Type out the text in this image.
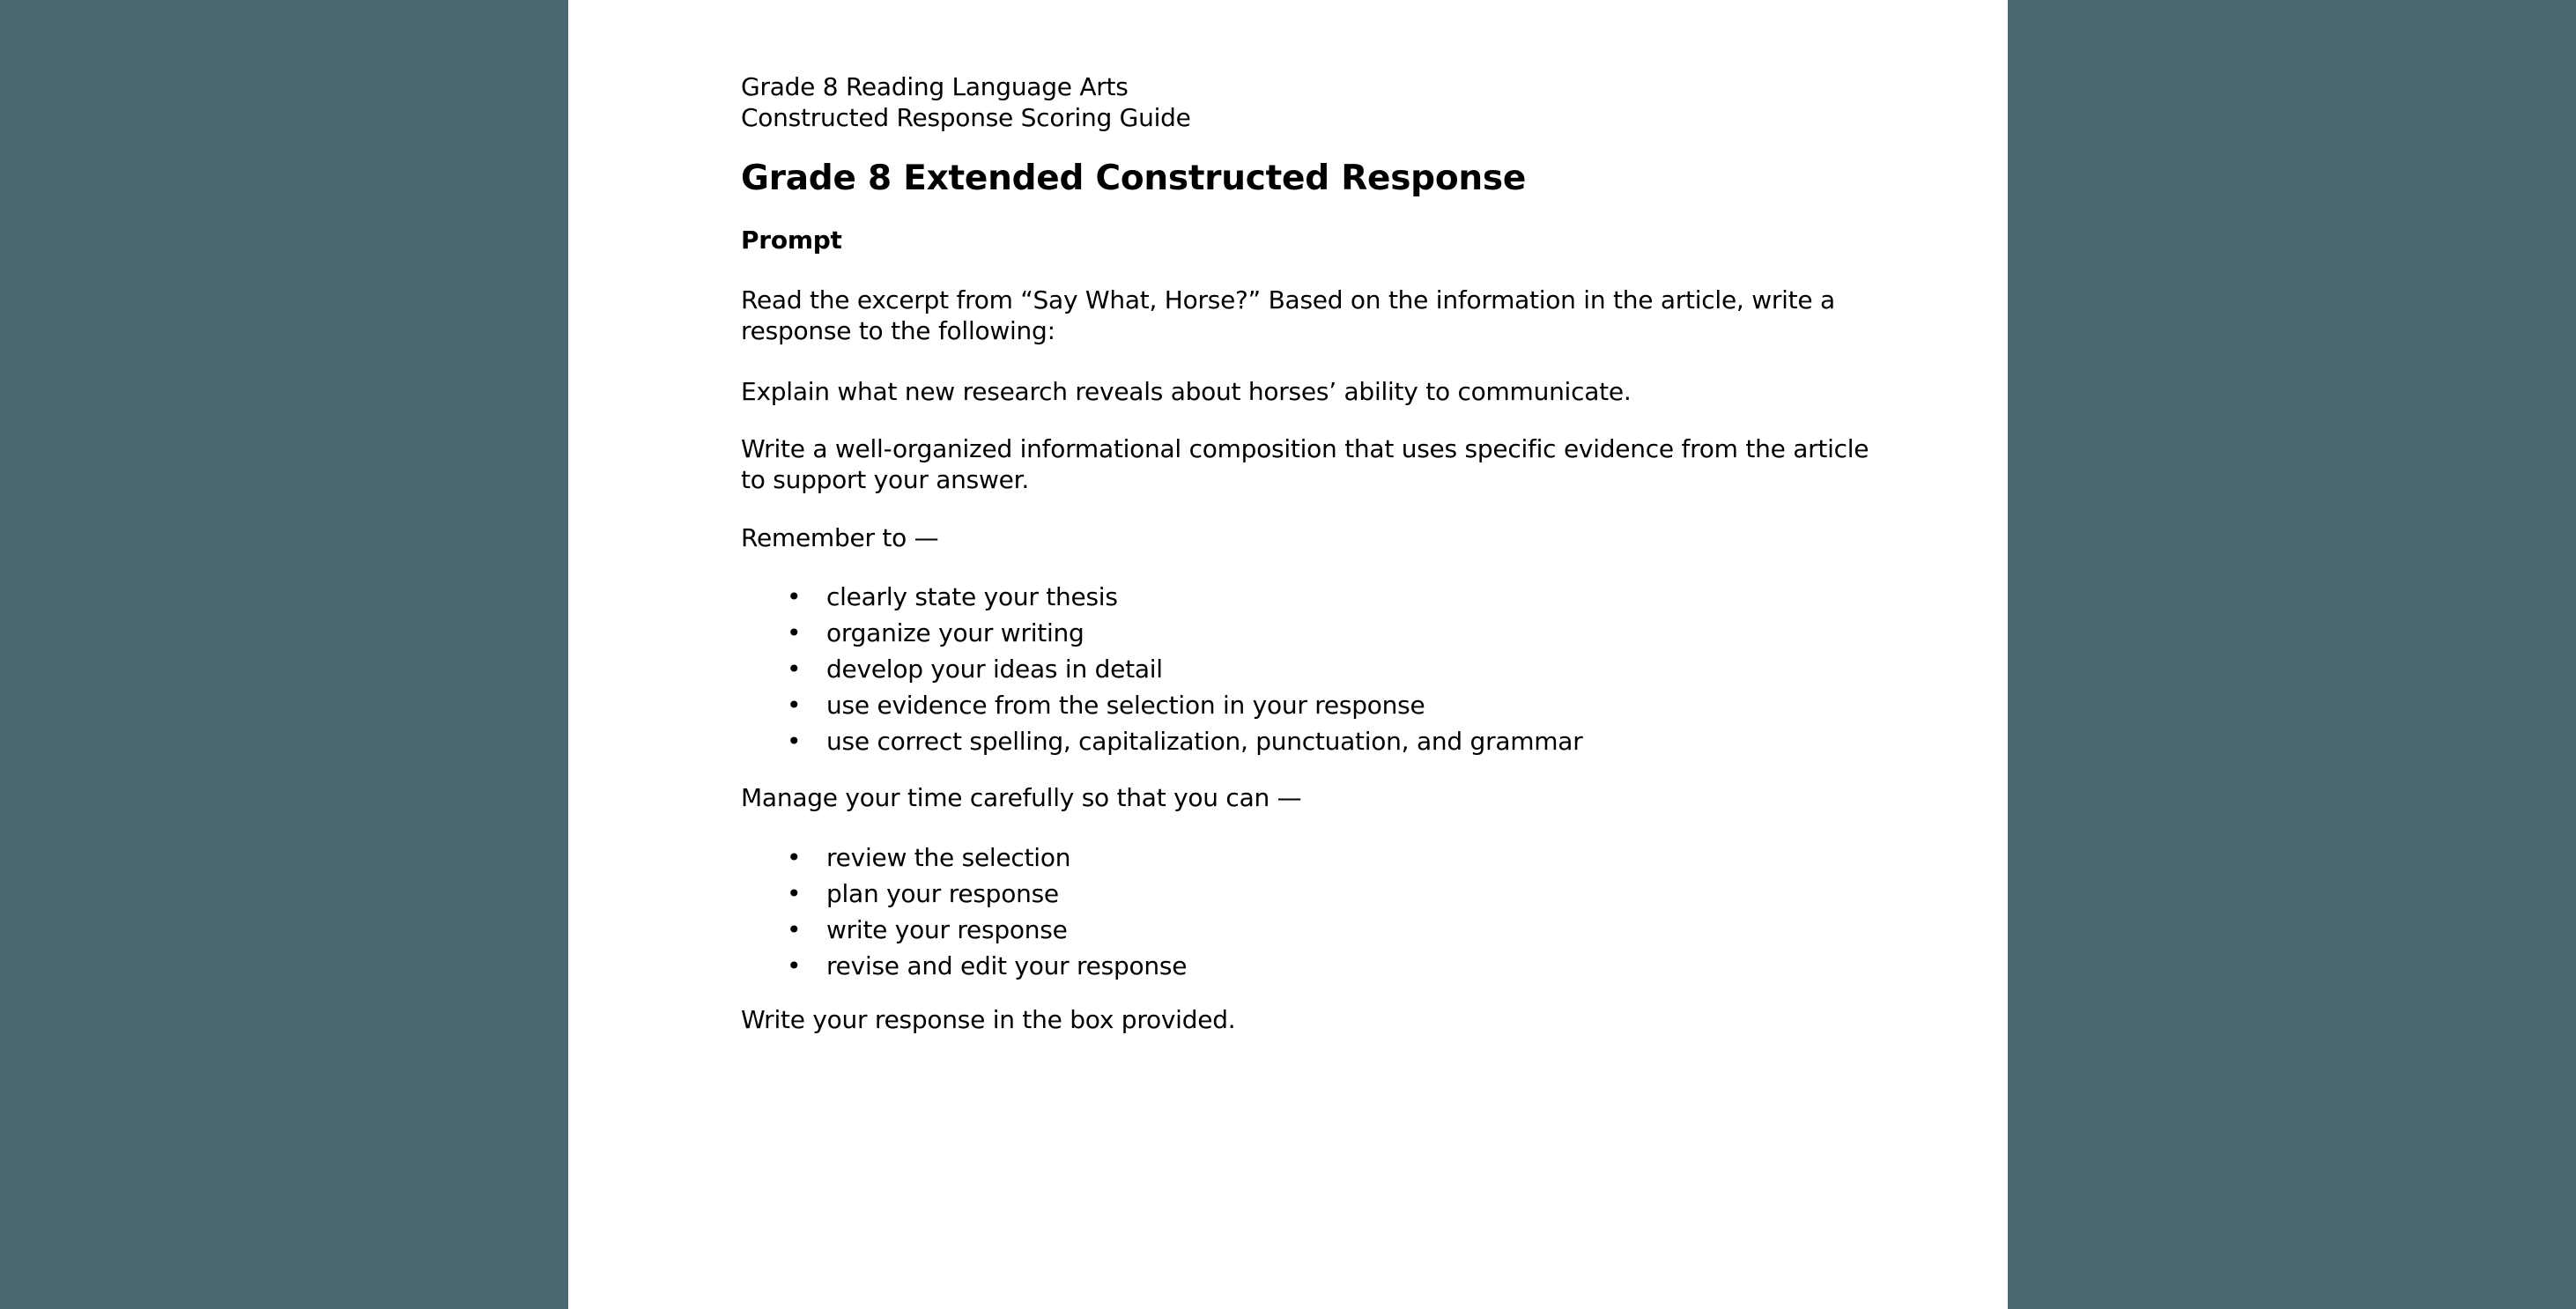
Grade 8 Reading Language Arts
Constructed Response Scoring Guide
Grade 8 Extended Constructed Response
Prompt
Read the excerpt from “Say What, Horse?” Based on the information in the article, write a
response to the following:
Explain what new research reveals about horses’ ability to communicate.
Write a well-organized informational composition that uses specific evidence from the article
to support your answer.
Remember to —
• clearly state your thesis
• organize your writing
• develop your ideas in detail
• use evidence from the selection in your response
• use correct spelling, capitalization, punctuation, and grammar
Manage your time carefully so that you can —
• review the selection
• plan your response
• write your response
• revise and edit your response
Write your response in the box provided.
